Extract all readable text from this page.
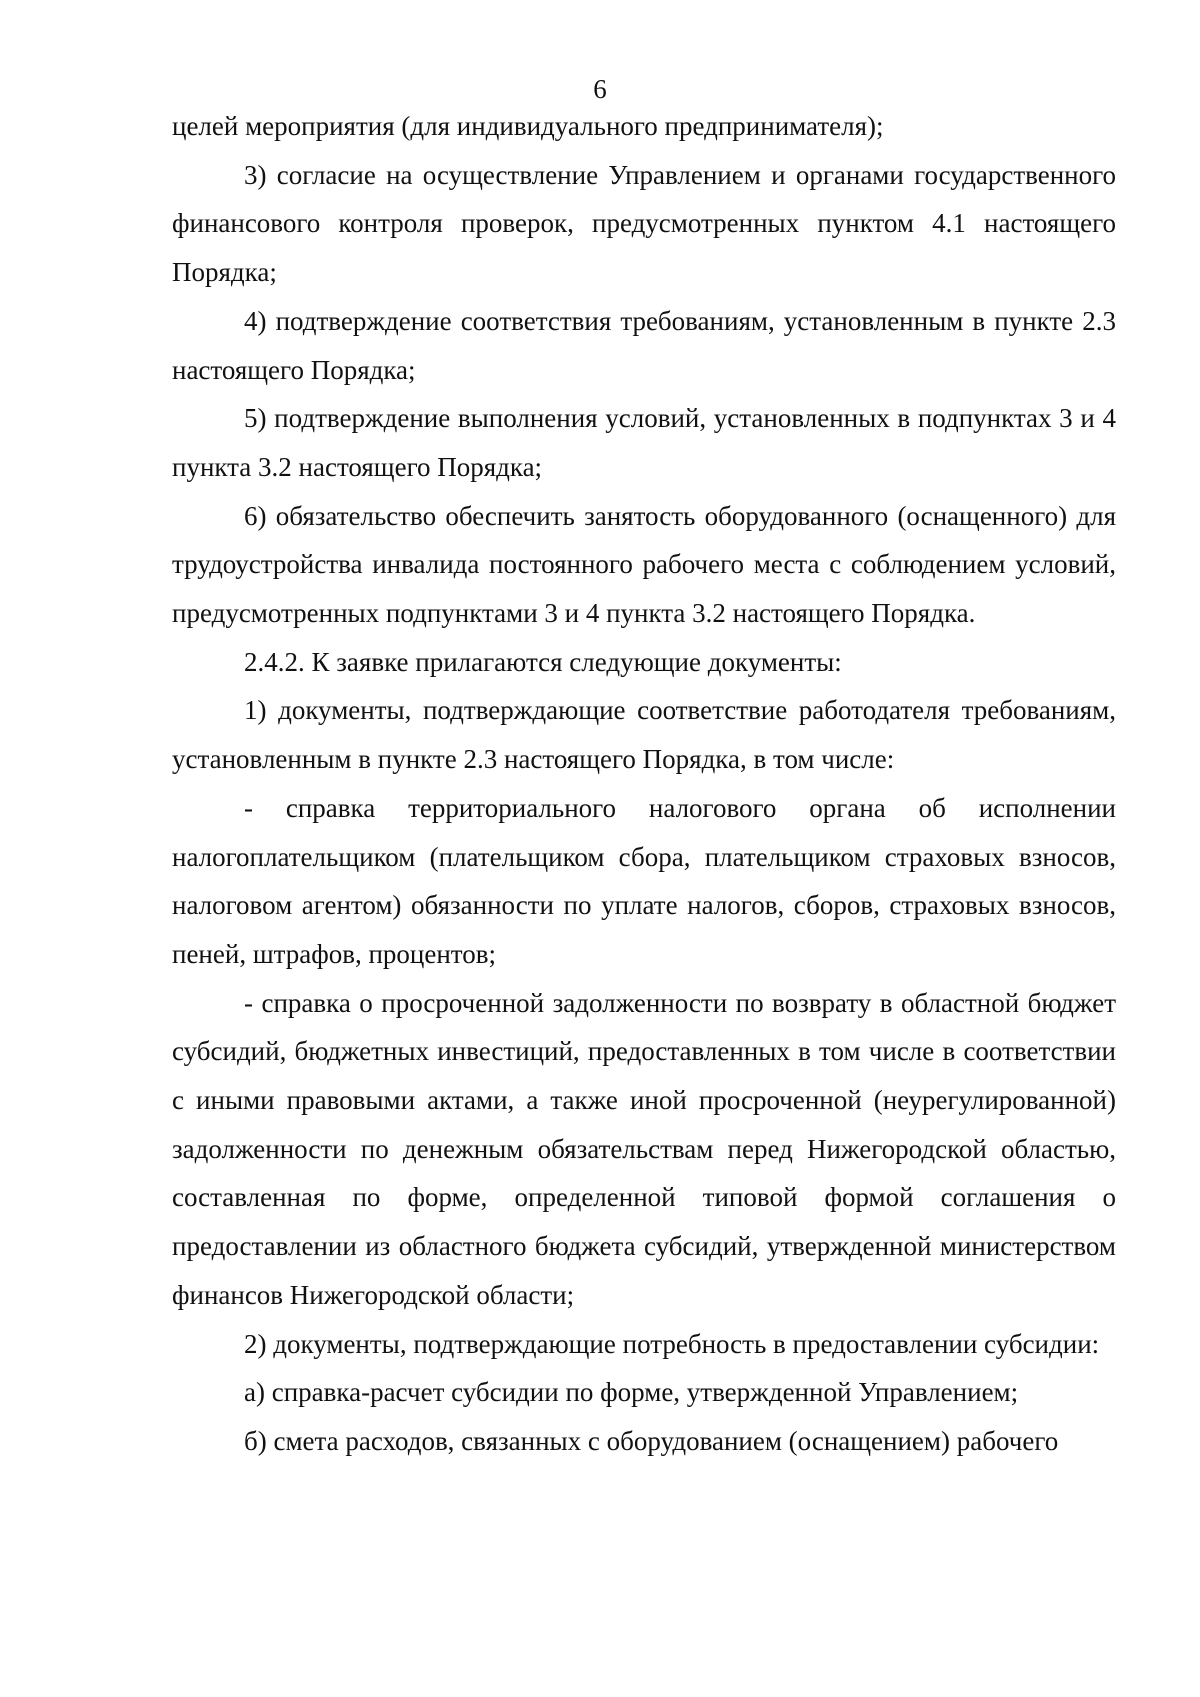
6

целей мероприятия (для индивидуального предпринимателя);

3) согласие на осуществление Управлением и органами государственного финансового контроля проверок, предусмотренных пунктом 4.1 настоящего Порядка;

4) подтверждение соответствия требованиям, установленным в пункте 2.3 настоящего Порядка;

5) подтверждение выполнения условий, установленных в подпунктах 3 и 4 пункта 3.2 настоящего Порядка;

6) обязательство обеспечить занятость оборудованного (оснащенного) для трудоустройства инвалида постоянного рабочего места с соблюдением условий, предусмотренных подпунктами 3 и 4 пункта 3.2 настоящего Порядка.

2.4.2. К заявке прилагаются следующие документы:

1) документы, подтверждающие соответствие работодателя требованиям, установленным в пункте 2.3 настоящего Порядка, в том числе:

- справка территориального налогового органа об исполнении налогоплательщиком (плательщиком сбора, плательщиком страховых взносов, налоговом агентом) обязанности по уплате налогов, сборов, страховых взносов, пеней, штрафов, процентов;

- справка о просроченной задолженности по возврату в областной бюджет субсидий, бюджетных инвестиций, предоставленных в том числе в соответствии с иными правовыми актами, а также иной просроченной (неурегулированной) задолженности по денежным обязательствам перед Нижегородской областью, составленная по форме, определенной типовой формой соглашения о предоставлении из областного бюджета субсидий, утвержденной министерством финансов Нижегородской области;

2) документы, подтверждающие потребность в предоставлении субсидии:

а) справка-расчет субсидии по форме, утвержденной Управлением;

б) смета расходов, связанных с оборудованием (оснащением) рабочего
